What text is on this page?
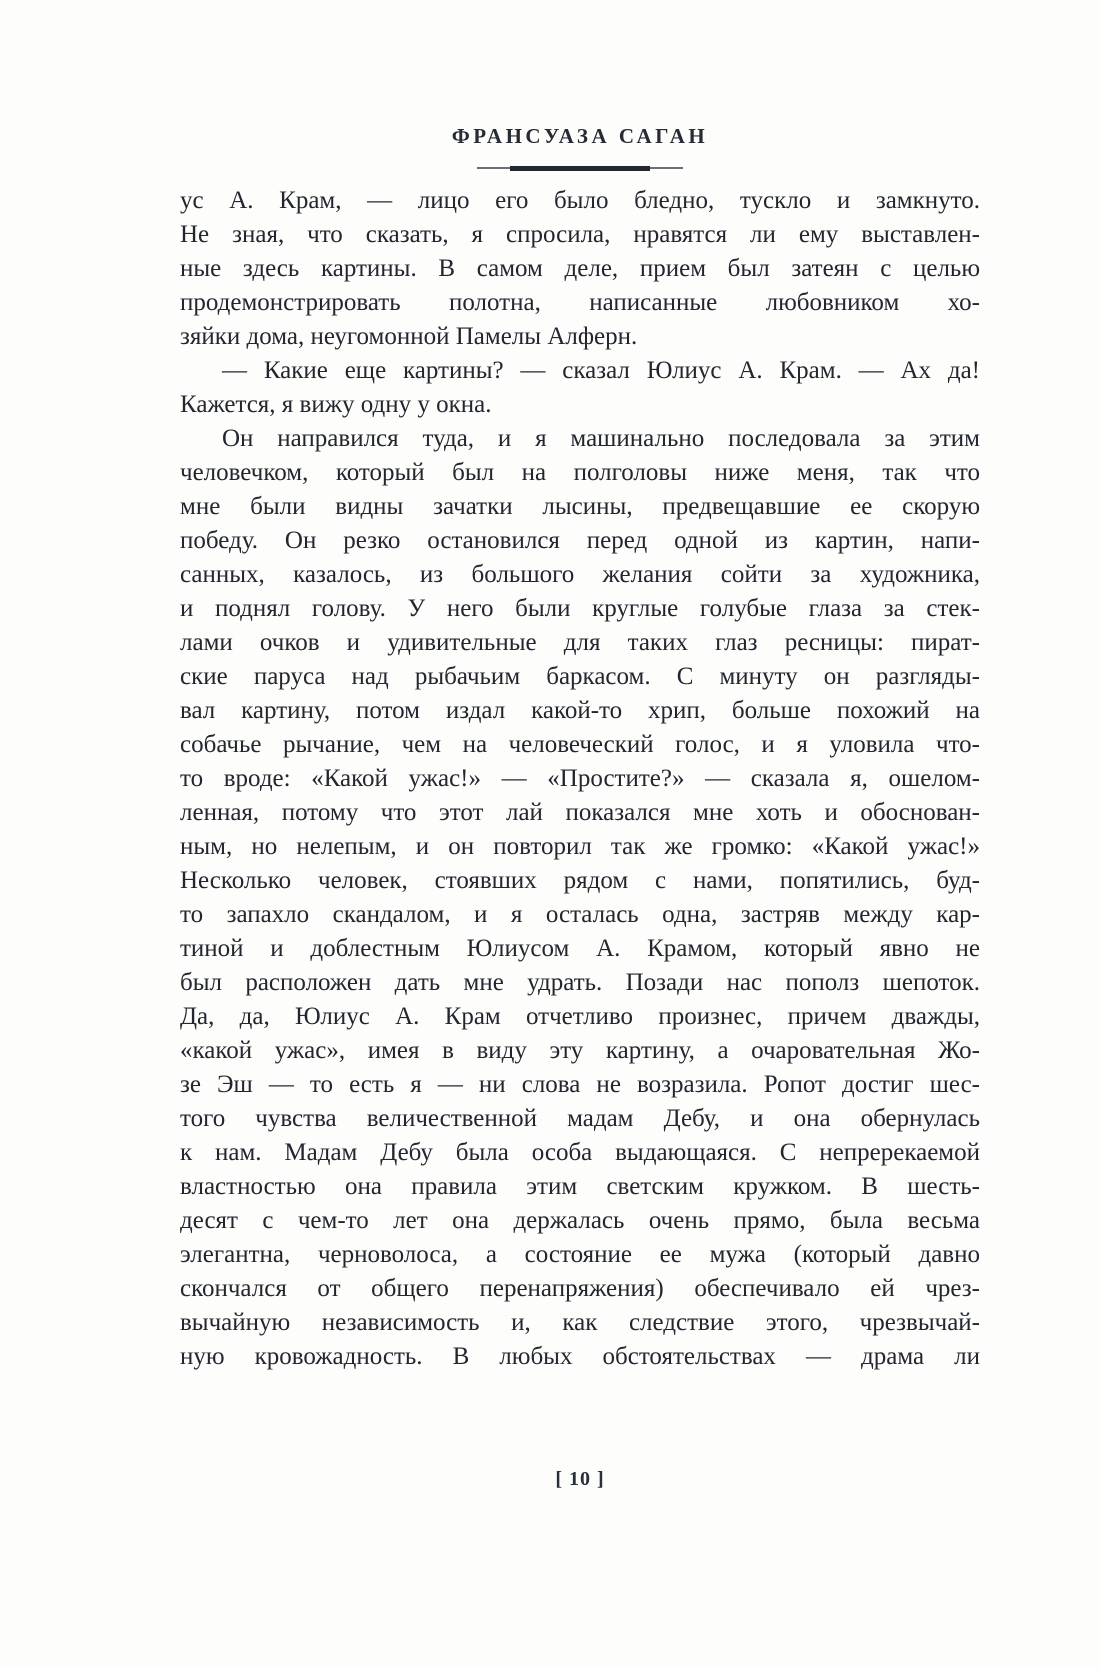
ФРАНСУАЗА САГАН
ус А. Крам, — лицо его было бледно, тускло и замкнуто.
Не зная, что сказать, я спросила, нравятся ли ему выставлен-
ные здесь картины. В самом деле, прием был затеян с целью
продемонстрировать полотна, написанные любовником хо-
зяйки дома, неугомонной Памелы Алферн.
— Какие еще картины? — сказал Юлиус А. Крам. — Ах да!
Кажется, я вижу одну у окна.
Он направился туда, и я машинально последовала за этим
человечком, который был на полголовы ниже меня, так что
мне были видны зачатки лысины, предвещавшие ее скорую
победу. Он резко остановился перед одной из картин, напи-
санных, казалось, из большого желания сойти за художника,
и поднял голову. У него были круглые голубые глаза за стек-
лами очков и удивительные для таких глаз ресницы: пират-
ские паруса над рыбачьим баркасом. С минуту он разгляды-
вал картину, потом издал какой-то хрип, больше похожий на
собачье рычание, чем на человеческий голос, и я уловила что-
то вроде: «Какой ужас!» — «Простите?» — сказала я, ошелом-
ленная, потому что этот лай показался мне хоть и обоснован-
ным, но нелепым, и он повторил так же громко: «Какой ужас!»
Несколько человек, стоявших рядом с нами, попятились, буд-
то запахло скандалом, и я осталась одна, застряв между кар-
тиной и доблестным Юлиусом А. Крамом, который явно не
был расположен дать мне удрать. Позади нас пополз шепоток.
Да, да, Юлиус А. Крам отчетливо произнес, причем дважды,
«какой ужас», имея в виду эту картину, а очаровательная Жо-
зе Эш — то есть я — ни слова не возразила. Ропот достиг шес-
того чувства величественной мадам Дебу, и она обернулась
к нам. Мадам Дебу была особа выдающаяся. С непререкаемой
властностью она правила этим светским кружком. В шесть-
десят с чем-то лет она держалась очень прямо, была весьма
элегантна, черноволоса, а состояние ее мужа (который давно
скончался от общего перенапряжения) обеспечивало ей чрез-
вычайную независимость и, как следствие этого, чрезвычай-
ную кровожадность. В любых обстоятельствах — драма ли
[ 10 ]
